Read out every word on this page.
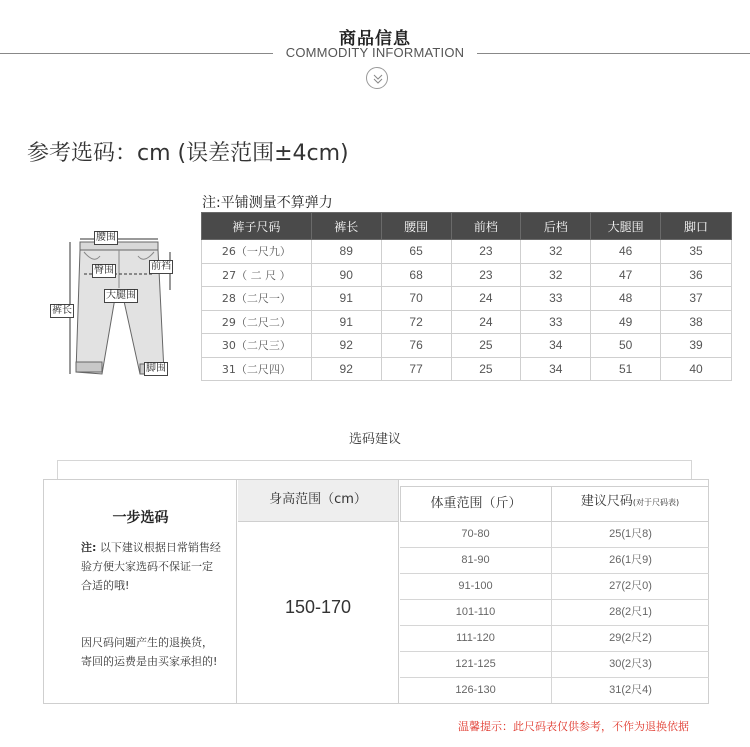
商品信息
COMMODITY INFORMATION
参考选码：cm (误差范围±4cm)
腰围
前裆
臀围
大腿围
裤长
脚围
注:平铺测量不算弹力
裤子尺码	裤长	腰围	前档	后档	大腿围	脚口
26（一尺九）	89	65	23	32	46	35
27（ 二 尺 ）	90	68	23	32	47	36
28（二尺一）	91	70	24	33	48	37
29（二尺二）	91	72	24	33	49	38
30（二尺三）	92	76	25	34	50	39
31（二尺四）	92	77	25	34	51	40
选码建议
一步选码
注: 以下建议根据日常销售经验方便大家选码不保证一定合适的哦!
因尺码问题产生的退换货，寄回的运费是由买家承担的!
身高范围（cm）
150-170
体重范围（斤）	建议尺码(对于尺码表)
70-80	25(1尺8)
81-90	26(1尺9)
91-100	27(2尺0)
101-110	28(2尺1)
111-120	29(2尺2)
121-125	30(2尺3)
126-130	31(2尺4)
温馨提示：此尺码表仅供参考，不作为退换依据
